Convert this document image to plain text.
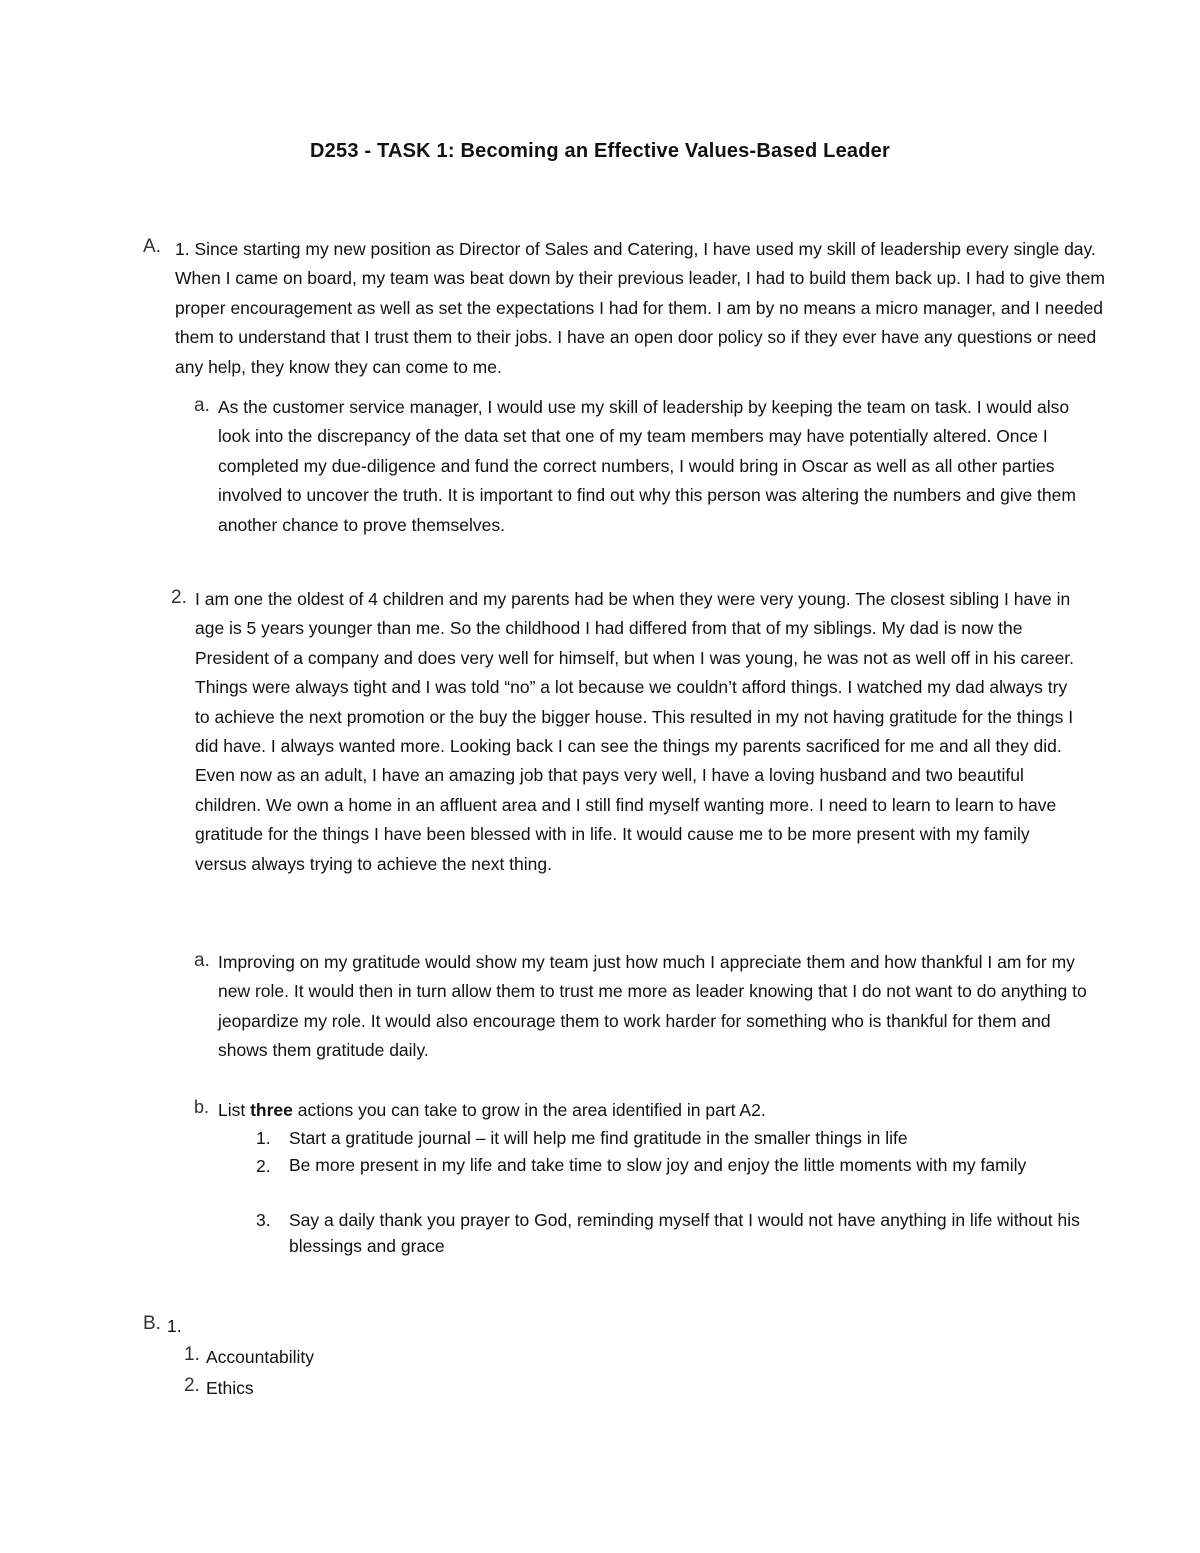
D253 - TASK 1: Becoming an Effective Values-Based Leader
A. 1. Since starting my new position as Director of Sales and Catering, I have used my skill of leadership every single day. When I came on board, my team was beat down by their previous leader, I had to build them back up. I had to give them proper encouragement as well as set the expectations I had for them. I am by no means a micro manager, and I needed them to understand that I trust them to their jobs. I have an open door policy so if they ever have any questions or need any help, they know they can come to me.
a. As the customer service manager, I would use my skill of leadership by keeping the team on task. I would also look into the discrepancy of the data set that one of my team members may have potentially altered. Once I completed my due-diligence and fund the correct numbers, I would bring in Oscar as well as all other parties involved to uncover the truth. It is important to find out why this person was altering the numbers and give them another chance to prove themselves.
2. I am one the oldest of 4 children and my parents had be when they were very young. The closest sibling I have in age is 5 years younger than me. So the childhood I had differed from that of my siblings. My dad is now the President of a company and does very well for himself, but when I was young, he was not as well off in his career. Things were always tight and I was told “no” a lot because we couldn’t afford things. I watched my dad always try to achieve the next promotion or the buy the bigger house. This resulted in my not having gratitude for the things I did have. I always wanted more. Looking back I can see the things my parents sacrificed for me and all they did. Even now as an adult, I have an amazing job that pays very well, I have a loving husband and two beautiful children. We own a home in an affluent area and I still find myself wanting more. I need to learn to learn to have gratitude for the things I have been blessed with in life. It would cause me to be more present with my family versus always trying to achieve the next thing.
a. Improving on my gratitude would show my team just how much I appreciate them and how thankful I am for my new role. It would then in turn allow them to trust me more as leader knowing that I do not want to do anything to jeopardize my role. It would also encourage them to work harder for something who is thankful for them and shows them gratitude daily.
b. List three actions you can take to grow in the area identified in part A2.
1. Start a gratitude journal – it will help me find gratitude in the smaller things in life
2. Be more present in my life and take time to slow joy and enjoy the little moments with my family
3. Say a daily thank you prayer to God, reminding myself that I would not have anything in life without his blessings and grace
B. 1.
1. Accountability
2. Ethics
